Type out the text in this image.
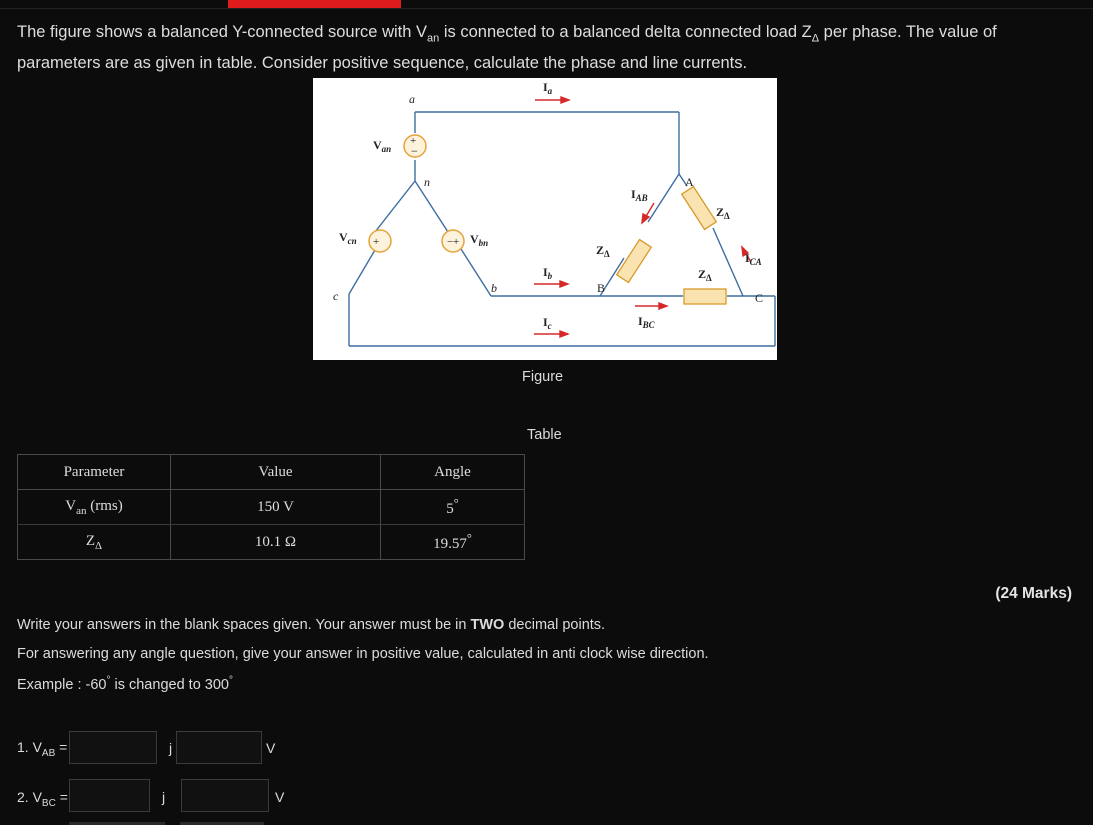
The figure shows a balanced Y-connected source with $V_{an}$ is connected to a balanced delta connected load $Z_\Delta$ per phase. The value of parameters are as given in table. Consider positive sequence, calculate the phase and line currents.
+
−
+	− +
a
n
b
c
A
B
C
$V_{an}$
$V_{cn}$	$V_{bn}$
$I_a$
$I_b$
$I_c$
$I_{AB}$
$I_{BC}$
$I_{CA}$
$Z_\Delta$
$Z_\Delta$
$Z_\Delta$
Figure
Table
Parameter	Value	Angle
$V_{an}$ (rms)	150 V	5°
$Z_\Delta$	10.1 Ω	19.57°
(24 Marks)
Write your answers in the blank spaces given. Your answer must be in TWO decimal points.
For answering any angle question, give your answer in positive value, calculated in anti clock wise direction.
Example : -60° is changed to 300°
1. $V_{AB}$ =	j	V
2. $V_{BC}$ =	j	V
